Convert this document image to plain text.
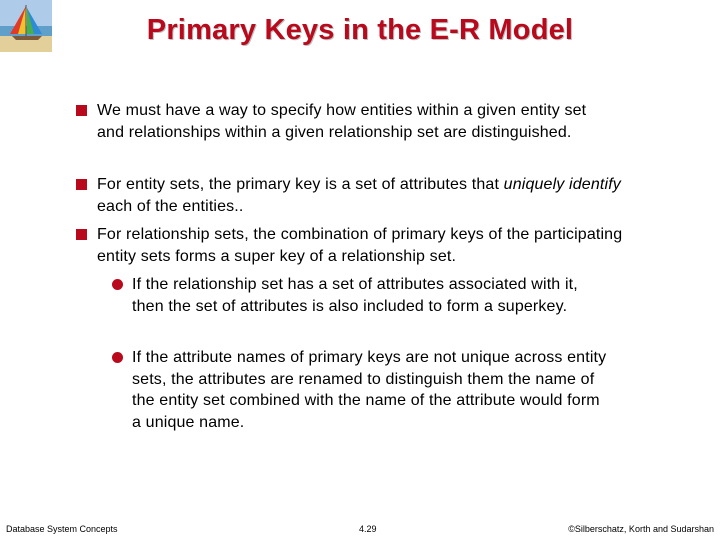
Primary Keys in the E-R Model
We must have a way to specify how entities within a given entity set and relationships within a given relationship set are distinguished.
For entity sets, the primary key is a set of attributes that uniquely identify each of the entities..
For relationship sets, the combination of primary keys of the participating entity sets forms a super key of a relationship set.
If the relationship set has a set of attributes associated with it, then the set of attributes is also included to form a superkey.
If the attribute names of primary keys are not unique across entity sets, the attributes are renamed to distinguish them the name of the entity set combined with the name of the attribute would form a unique name.
Database System Concepts	4.29	©Silberschatz, Korth and Sudarshan
